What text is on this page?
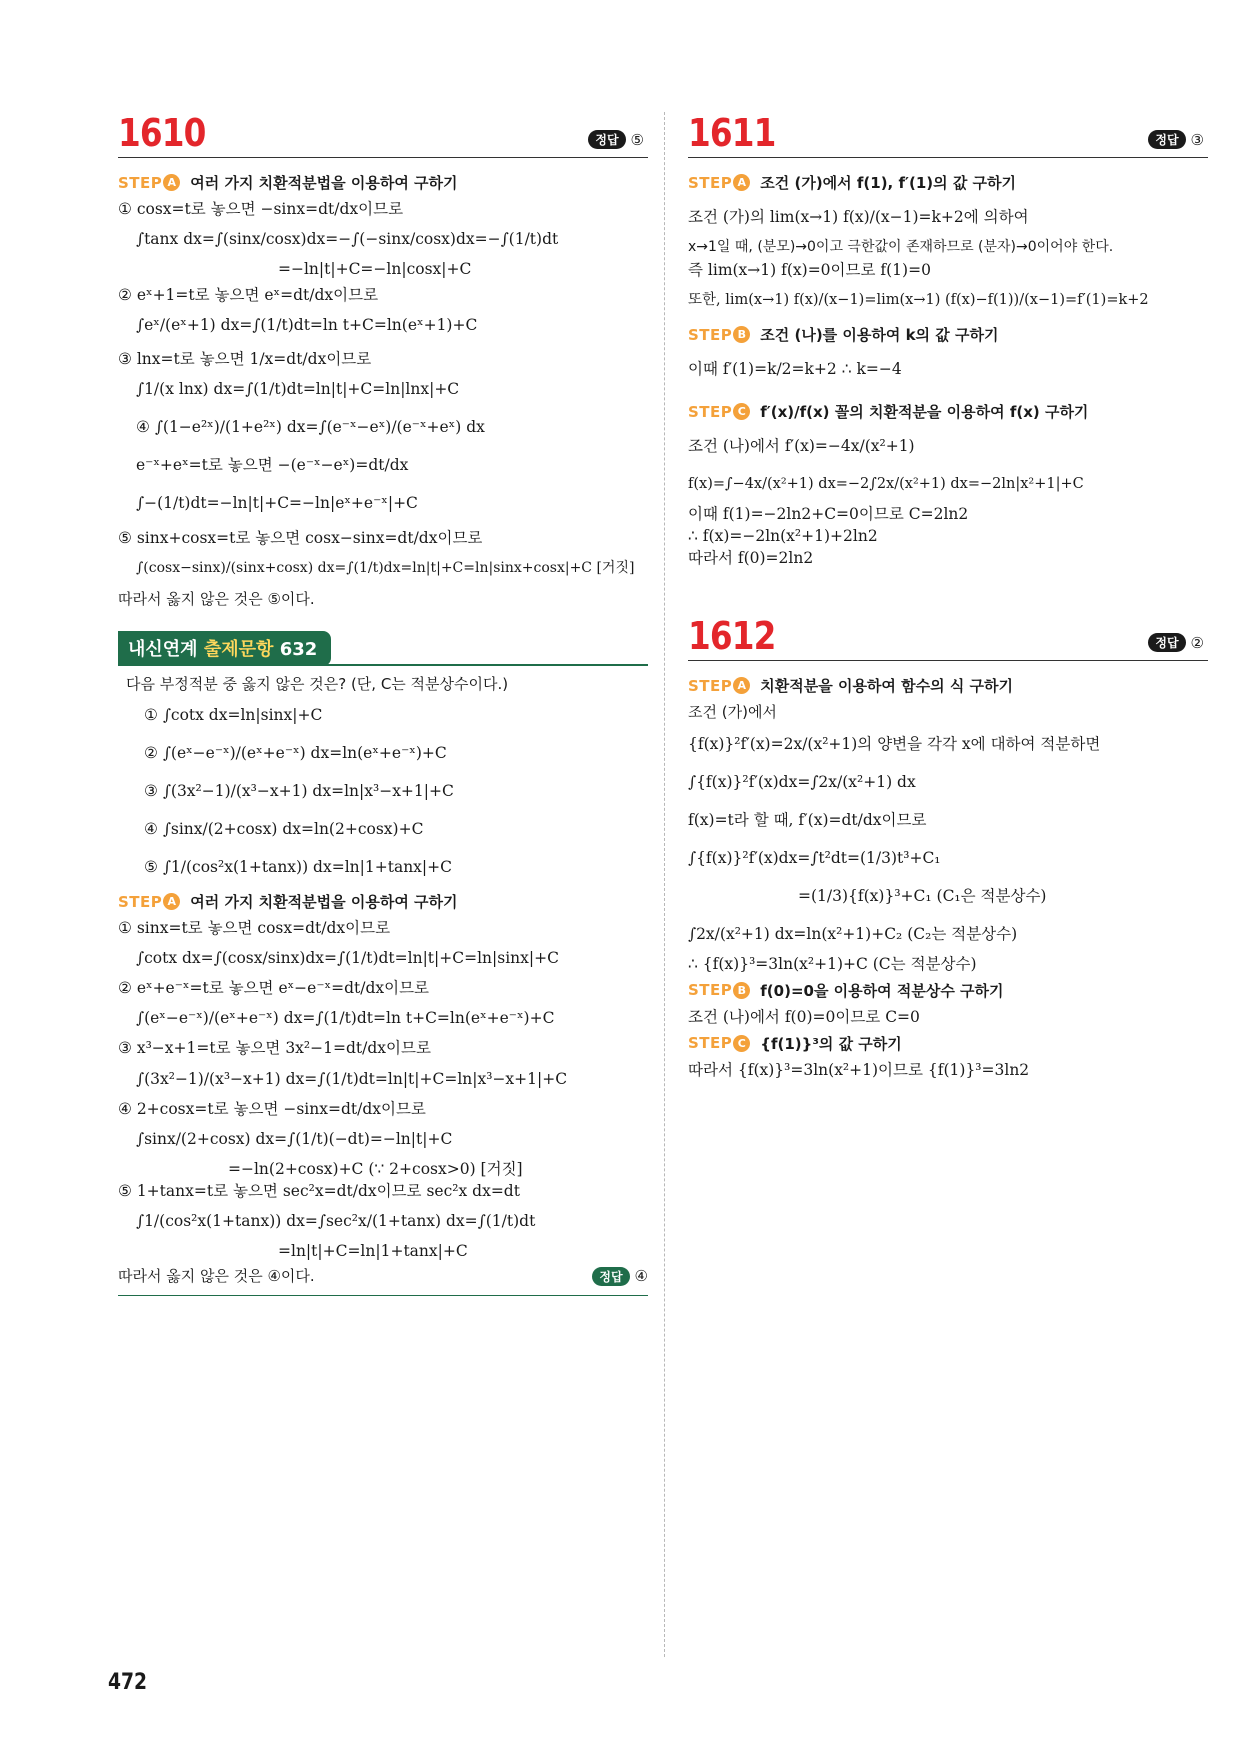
1610	정답 ⑤
STEP A 여러 가지 치환적분법을 이용하여 구하기
① cosx=t로 놓으면 −sinx=dt/dx이므로
∫tanx dx=∫(sinx/cosx)dx=−∫(−sinx/cosx)dx=−∫(1/t)dt
=−ln|t|+C=−ln|cosx|+C
② eˣ+1=t로 놓으면 eˣ=dt/dx이므로
∫eˣ/(eˣ+1) dx=∫(1/t)dt=ln t+C=ln(eˣ+1)+C
③ lnx=t로 놓으면 1/x=dt/dx이므로
∫1/(x lnx) dx=∫(1/t)dt=ln|t|+C=ln|lnx|+C
④ ∫(1−e²ˣ)/(1+e²ˣ) dx=∫(e⁻ˣ−eˣ)/(e⁻ˣ+eˣ) dx
e⁻ˣ+eˣ=t로 놓으면 −(e⁻ˣ−eˣ)=dt/dx
∫−(1/t)dt=−ln|t|+C=−ln|eˣ+e⁻ˣ|+C
⑤ sinx+cosx=t로 놓으면 cosx−sinx=dt/dx이므로
∫(cosx−sinx)/(sinx+cosx) dx=∫(1/t)dx=ln|t|+C=ln|sinx+cosx|+C [거짓]
따라서 옳지 않은 것은 ⑤이다.
내신연계 출제문항 632
다음 부정적분 중 옳지 않은 것은? (단, C는 적분상수이다.)
① ∫cotx dx=ln|sinx|+C
② ∫(eˣ−e⁻ˣ)/(eˣ+e⁻ˣ) dx=ln(eˣ+e⁻ˣ)+C
③ ∫(3x²−1)/(x³−x+1) dx=ln|x³−x+1|+C
④ ∫sinx/(2+cosx) dx=ln(2+cosx)+C
⑤ ∫1/(cos²x(1+tanx)) dx=ln|1+tanx|+C
STEP A 여러 가지 치환적분법을 이용하여 구하기
① sinx=t로 놓으면 cosx=dt/dx이므로
∫cotx dx=∫(cosx/sinx)dx=∫(1/t)dt=ln|t|+C=ln|sinx|+C
② eˣ+e⁻ˣ=t로 놓으면 eˣ−e⁻ˣ=dt/dx이므로
∫(eˣ−e⁻ˣ)/(eˣ+e⁻ˣ) dx=∫(1/t)dt=ln t+C=ln(eˣ+e⁻ˣ)+C
③ x³−x+1=t로 놓으면 3x²−1=dt/dx이므로
∫(3x²−1)/(x³−x+1) dx=∫(1/t)dt=ln|t|+C=ln|x³−x+1|+C
④ 2+cosx=t로 놓으면 −sinx=dt/dx이므로
∫sinx/(2+cosx) dx=∫(1/t)(−dt)=−ln|t|+C
=−ln(2+cosx)+C (∵ 2+cosx>0) [거짓]
⑤ 1+tanx=t로 놓으면 sec²x=dt/dx이므로 sec²x dx=dt
∫1/(cos²x(1+tanx)) dx=∫sec²x/(1+tanx) dx=∫(1/t)dt
=ln|t|+C=ln|1+tanx|+C
따라서 옳지 않은 것은 ④이다.	정답 ④
1611	정답 ③
STEP A 조건 (가)에서 f(1), f′(1)의 값 구하기
조건 (가)의 lim(x→1) f(x)/(x−1)=k+2에 의하여
x→1일 때, (분모)→0이고 극한값이 존재하므로 (분자)→0이어야 한다.
즉 lim(x→1) f(x)=0이므로 f(1)=0
또한, lim(x→1) f(x)/(x−1)=lim(x→1) (f(x)−f(1))/(x−1)=f′(1)=k+2
STEP B 조건 (나)를 이용하여 k의 값 구하기
이때 f′(1)=k/2=k+2 ∴ k=−4
STEP C f′(x)/f(x) 꼴의 치환적분을 이용하여 f(x) 구하기
조건 (나)에서 f′(x)=−4x/(x²+1)
f(x)=∫−4x/(x²+1) dx=−2∫2x/(x²+1) dx=−2ln|x²+1|+C
이때 f(1)=−2ln2+C=0이므로 C=2ln2
∴ f(x)=−2ln(x²+1)+2ln2
따라서 f(0)=2ln2
1612	정답 ②
STEP A 치환적분을 이용하여 함수의 식 구하기
조건 (가)에서
{f(x)}²f′(x)=2x/(x²+1)의 양변을 각각 x에 대하여 적분하면
∫{f(x)}²f′(x)dx=∫2x/(x²+1) dx
f(x)=t라 할 때, f′(x)=dt/dx이므로
∫{f(x)}²f′(x)dx=∫t²dt=(1/3)t³+C₁
=(1/3){f(x)}³+C₁ (C₁은 적분상수)
∫2x/(x²+1) dx=ln(x²+1)+C₂ (C₂는 적분상수)
∴ {f(x)}³=3ln(x²+1)+C (C는 적분상수)
STEP B f(0)=0을 이용하여 적분상수 구하기
조건 (나)에서 f(0)=0이므로 C=0
STEP C {f(1)}³의 값 구하기
따라서 {f(x)}³=3ln(x²+1)이므로 {f(1)}³=3ln2
472
